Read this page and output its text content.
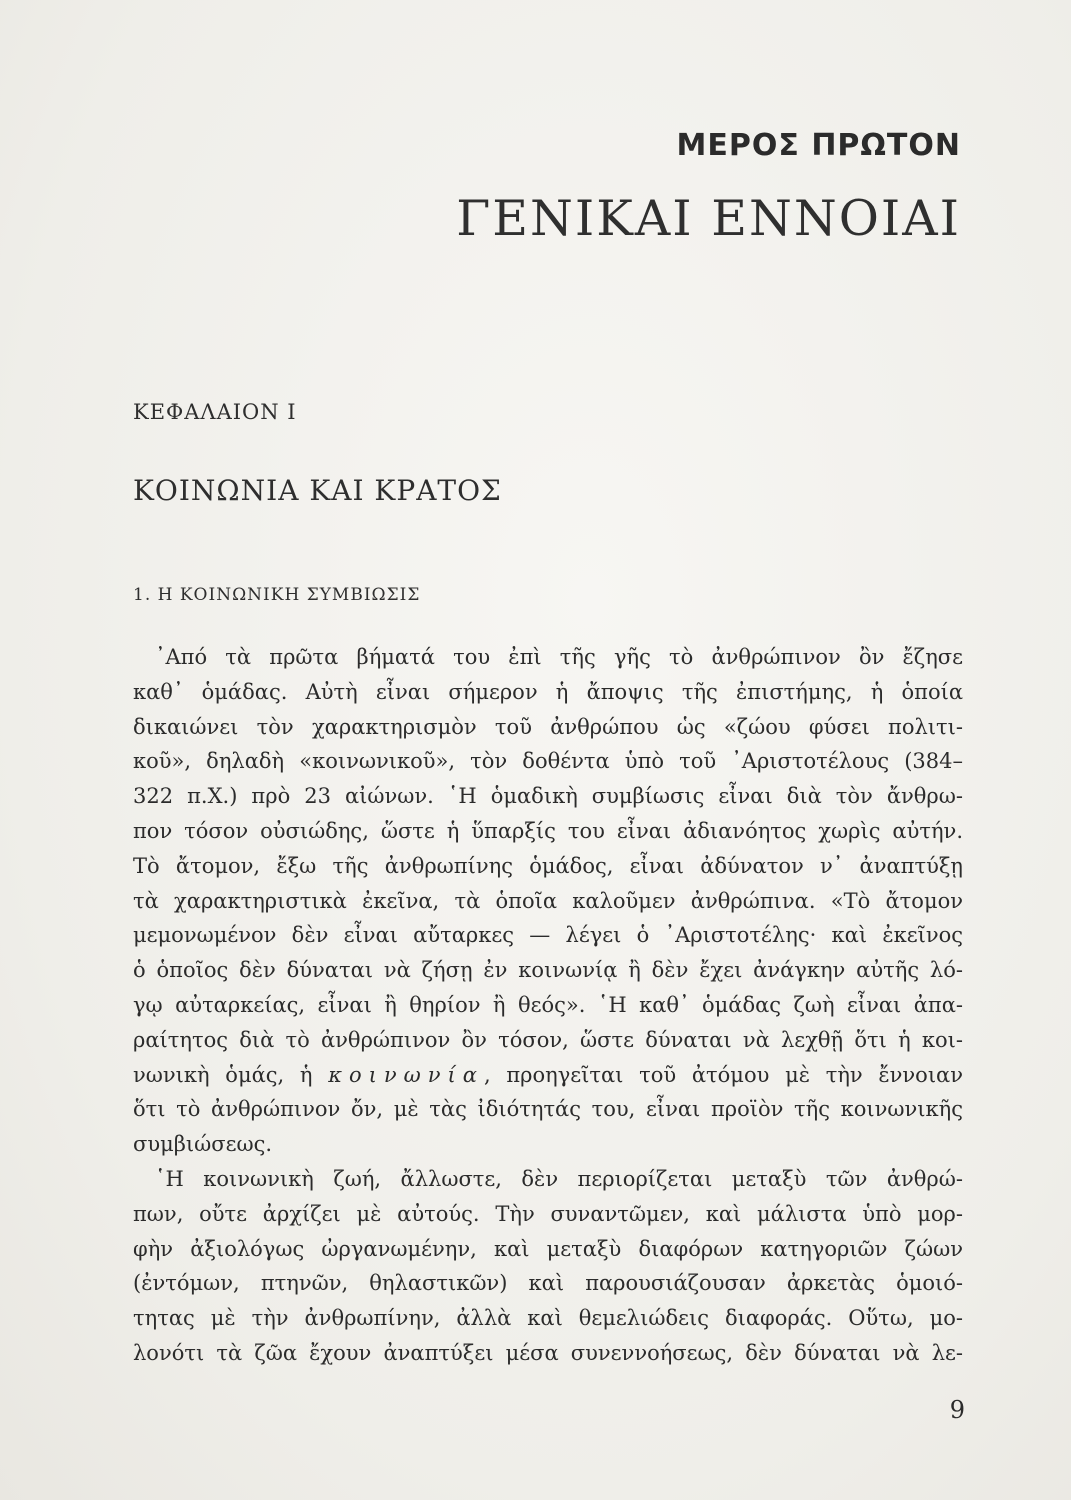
ΜΕΡΟΣ ΠΡΩΤΟΝ
ΓΕΝΙΚΑΙ ΕΝΝΟΙΑΙ
ΚΕΦΑΛΑΙΟΝ Ι
ΚΟΙΝΩΝΙΑ ΚΑΙ ΚΡΑΤΟΣ
1. Η ΚΟΙΝΩΝΙΚΗ ΣΥΜΒΙΩΣΙΣ
᾿Από τὰ πρῶτα βήματά του ἐπὶ τῆς γῆς τὸ ἀνθρώπινον ὂν ἔζησε
καθ᾿ ὁμάδας. Αὐτὴ εἶναι σήμερον ἡ ἄποψις τῆς ἐπιστήμης, ἡ ὁποία
δικαιώνει τὸν χαρακτηρισμὸν τοῦ ἀνθρώπου ὡς «ζώου φύσει πολιτι-
κοῦ», δηλαδὴ «κοινωνικοῦ», τὸν δοθέντα ὑπὸ τοῦ ᾿Αριστοτέλους (384–
322 π.Χ.) πρὸ 23 αἰώνων. ῾Η ὁμαδικὴ συμβίωσις εἶναι διὰ τὸν ἄνθρω-
πον τόσον οὐσιώδης, ὥστε ἡ ὕπαρξίς του εἶναι ἀδιανόητος χωρὶς αὐτήν.
Τὸ ἄτομον, ἔξω τῆς ἀνθρωπίνης ὁμάδος, εἶναι ἀδύνατον ν᾿ ἀναπτύξῃ
τὰ χαρακτηριστικὰ ἐκεῖνα, τὰ ὁποῖα καλοῦμεν ἀνθρώπινα. «Τὸ ἄτομον
μεμονωμένον δὲν εἶναι αὔταρκες — λέγει ὁ ᾿Αριστοτέλης· καὶ ἐκεῖνος
ὁ ὁποῖος δὲν δύναται νὰ ζήσῃ ἐν κοινωνίᾳ ἢ δὲν ἔχει ἀνάγκην αὐτῆς λό-
γῳ αὐταρκείας, εἶναι ἢ θηρίον ἢ θεός». ῾Η καθ᾿ ὁμάδας ζωὴ εἶναι ἀπα-
ραίτητος διὰ τὸ ἀνθρώπινον ὂν τόσον, ὥστε δύναται νὰ λεχθῇ ὅτι ἡ κοι-
νωνικὴ ὁμάς, ἡ κοινωνία, προηγεῖται τοῦ ἀτόμου μὲ τὴν ἔννοιαν
ὅτι τὸ ἀνθρώπινον ὄν, μὲ τὰς ἰδιότητάς του, εἶναι προϊὸν τῆς κοινωνικῆς
συμβιώσεως.
῾Η κοινωνικὴ ζωή, ἄλλωστε, δὲν περιορίζεται μεταξὺ τῶν ἀνθρώ-
πων, οὔτε ἀρχίζει μὲ αὐτούς. Τὴν συναντῶμεν, καὶ μάλιστα ὑπὸ μορ-
φὴν ἀξιολόγως ὠργανωμένην, καὶ μεταξὺ διαφόρων κατηγοριῶν ζώων
(ἐντόμων, πτηνῶν, θηλαστικῶν) καὶ παρουσιάζουσαν ἀρκετὰς ὁμοιό-
τητας μὲ τὴν ἀνθρωπίνην, ἀλλὰ καὶ θεμελιώδεις διαφοράς. Οὕτω, μο-
λονότι τὰ ζῶα ἔχουν ἀναπτύξει μέσα συνεννοήσεως, δὲν δύναται νὰ λε-
9
